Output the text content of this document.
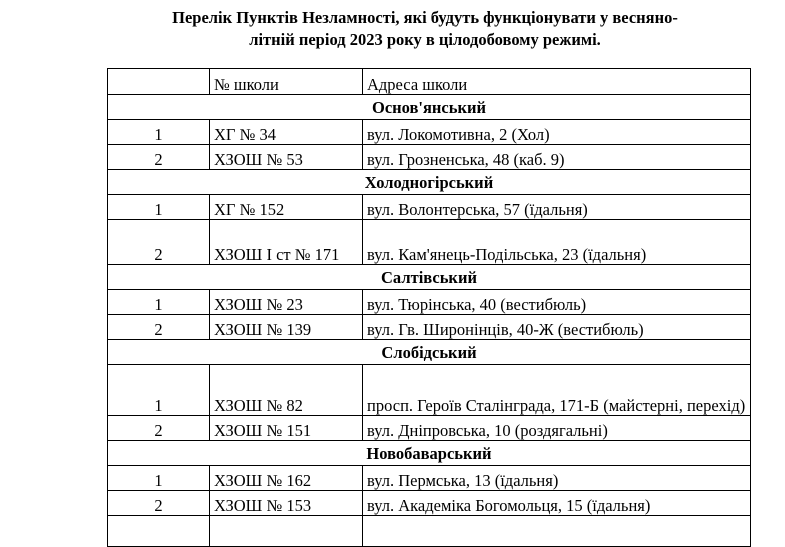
Перелік Пунктів Незламності, які будуть функціонувати у весняно-
літній період 2023 року в цілодобовому режимі.
	№ школи	Адреса школи
Основ'янський		
1	ХГ № 34	вул. Локомотивна, 2 (Хол)
2	ХЗОШ № 53	вул. Грозненська, 48 (каб. 9)
Холодногірський		
1	ХГ № 152	вул. Волонтерська, 57 (їдальня)
2	ХЗОШ І ст № 171	вул. Кам'янець-Подільська, 23 (їдальня)
Салтівський		
1	ХЗОШ № 23	вул. Тюрінська, 40 (вестибюль)
2	ХЗОШ № 139	вул. Гв. Широнінців, 40-Ж (вестибюль)
Слобідський		
1	ХЗОШ № 82	просп. Героїв Сталінграда, 171-Б (майстерні, перехід)
2	ХЗОШ № 151	вул. Дніпровська, 10 (роздягальні)
Новобаварський		
1	ХЗОШ № 162	вул. Пермська, 13 (їдальня)
2	ХЗОШ № 153	вул. Академіка Богомольця, 15 (їдальня)
